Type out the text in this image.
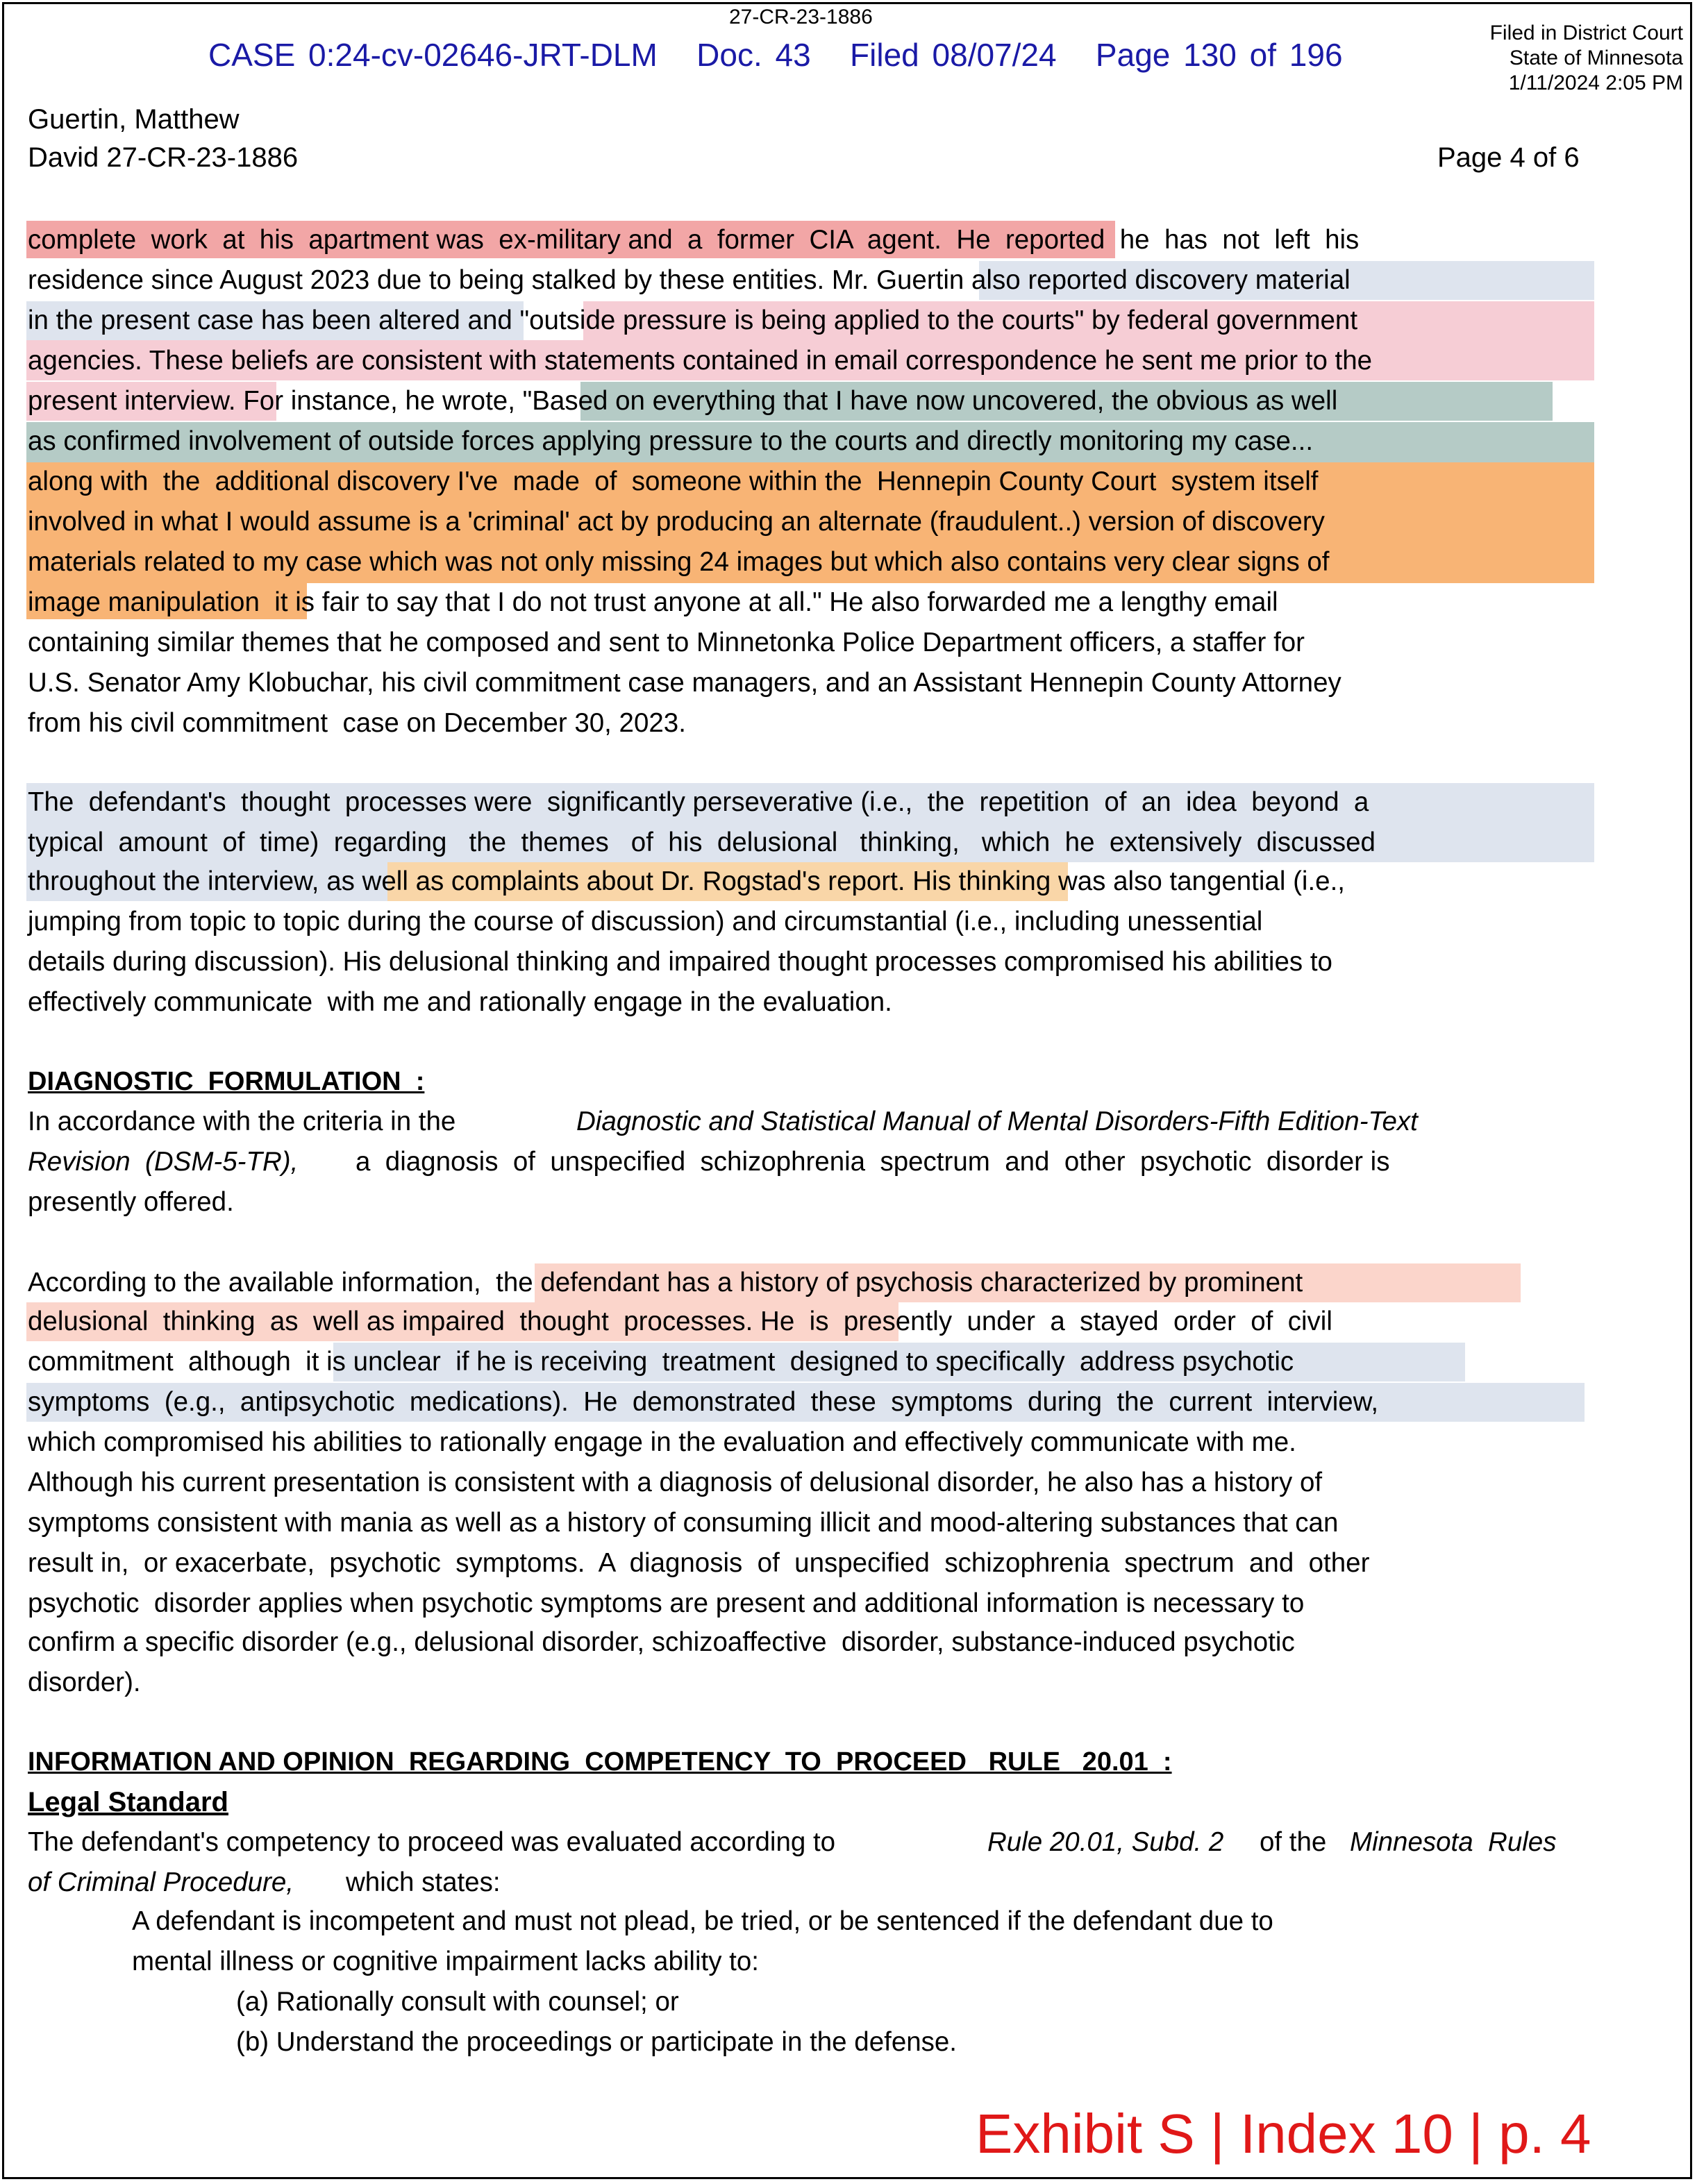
27-CR-23-1886
CASE 0:24-cv-02646-JRT-DLM   Doc. 43   Filed 08/07/24   Page 130 of 196
Filed in District Court
State of Minnesota
1/11/2024 2:05 PM
Guertin, Matthew
David 27-CR-23-1886	Page 4 of 6
complete  work  at  his  apartment was  ex-military and  a  former  CIA  agent.  He  reported  he  has  not  left  his
residence since August 2023 due to being stalked by these entities. Mr. Guertin also reported discovery material
in the present case has been altered and "outside pressure is being applied to the courts" by federal government
agencies. These beliefs are consistent with statements contained in email correspondence he sent me prior to the
present interview. For instance, he wrote, "Based on everything that I have now uncovered, the obvious as well
as confirmed involvement of outside forces applying pressure to the courts and directly monitoring my case...
along with  the  additional discovery I've  made  of  someone within the  Hennepin County Court  system itself
involved in what I would assume is a 'criminal' act by producing an alternate (fraudulent..) version of discovery
materials related to my case which was not only missing 24 images but which also contains very clear signs of
image manipulation  it is fair to say that I do not trust anyone at all." He also forwarded me a lengthy email
containing similar themes that he composed and sent to Minnetonka Police Department officers, a staffer for
U.S. Senator Amy Klobuchar, his civil commitment case managers, and an Assistant Hennepin County Attorney
from his civil commitment  case on December 30, 2023.
The  defendant's  thought  processes were  significantly perseverative (i.e.,  the  repetition  of  an  idea  beyond  a
typical  amount  of  time)  regarding   the  themes   of  his  delusional   thinking,   which  he  extensively  discussed
throughout the interview, as well as complaints about Dr. Rogstad's report. His thinking was also tangential (i.e.,
jumping from topic to topic during the course of discussion) and circumstantial (i.e., including unessential
details during discussion). His delusional thinking and impaired thought processes compromised his abilities to
effectively communicate  with me and rationally engage in the evaluation.
DIAGNOSTIC  FORMULATION  :
In accordance with the criteria in the	Diagnostic and Statistical Manual of Mental Disorders-Fifth Edition-Text
Revision  (DSM-5-TR), a  diagnosis  of  unspecified  schizophrenia  spectrum  and  other  psychotic  disorder is
presently offered.
According to the available information,  the defendant has a history of psychosis characterized by prominent
delusional  thinking  as  well as impaired  thought  processes. He  is  presently  under  a  stayed  order  of  civil
commitment  although  it is unclear  if he is receiving  treatment  designed to specifically  address psychotic
symptoms  (e.g.,  antipsychotic  medications).  He  demonstrated  these  symptoms  during  the  current  interview,
which compromised his abilities to rationally engage in the evaluation and effectively communicate with me.
Although his current presentation is consistent with a diagnosis of delusional disorder, he also has a history of
symptoms consistent with mania as well as a history of consuming illicit and mood-altering substances that can
result in,  or exacerbate,  psychotic  symptoms.  A  diagnosis  of  unspecified  schizophrenia  spectrum  and  other
psychotic  disorder applies when psychotic symptoms are present and additional information is necessary to
confirm a specific disorder (e.g., delusional disorder, schizoaffective  disorder, substance-induced psychotic
disorder).
INFORMATION AND OPINION  REGARDING  COMPETENCY  TO  PROCEED   RULE   20.01  :
Legal Standard
The defendant's competency to proceed was evaluated according to	Rule 20.01, Subd. 2 of the Minnesota  Rules
of Criminal Procedure, which states:
A defendant is incompetent and must not plead, be tried, or be sentenced if the defendant due to
mental illness or cognitive impairment lacks ability to:
(a) Rationally consult with counsel; or
(b) Understand the proceedings or participate in the defense.
Exhibit S | Index 10 | p. 4
